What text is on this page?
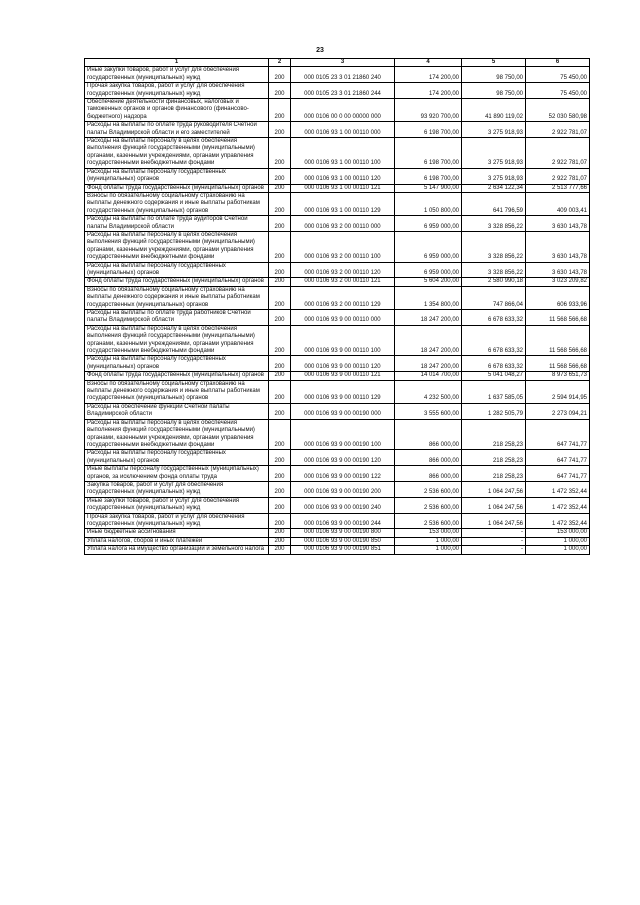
23
1	2	3	4	5	6
Иные закупки товаров, работ и услуг для обеспечения государственных (муниципальных) нужд	200	000 0105 23 3 01 21860 240	174 200,00	98 750,00	75 450,00
Прочая закупка товаров, работ и услуг для обеспечения государственных (муниципальных) нужд	200	000 0105 23 3 01 21860 244	174 200,00	98 750,00	75 450,00
Обеспечение деятельности финансовых, налоговых и таможенных органов и органов финансового (финансово-бюджетного) надзора	200	000 0106 00 0 00 00000 000	93 920 700,00	41 890 119,02	52 030 580,98
Расходы на выплаты по оплате труда руководителя Счетной палаты Владимирской области и его заместителей	200	000 0106 93 1 00 00110 000	6 198 700,00	3 275 918,93	2 922 781,07
Расходы на выплаты персоналу в целях обеспечения выполнения функций государственными (муниципальными) органами, казенными учреждениями, органами управления государственными внебюджетными фондами	200	000 0106 93 1 00 00110 100	6 198 700,00	3 275 918,93	2 922 781,07
Расходы на выплаты персоналу государственных (муниципальных) органов	200	000 0106 93 1 00 00110 120	6 198 700,00	3 275 918,93	2 922 781,07
Фонд оплаты труда государственных (муниципальных) органов	200	000 0106 93 1 00 00110 121	5 147 900,00	2 634 122,34	2 513 777,66
Взносы по обязательному социальному страхованию на выплаты денежного содержания и иные выплаты работникам государственных (муниципальных) органов	200	000 0106 93 1 00 00110 129	1 050 800,00	641 796,59	409 003,41
Расходы на выплаты по оплате труда аудиторов Счетной палаты Владимирской области	200	000 0106 93 2 00 00110 000	6 959 000,00	3 328 856,22	3 630 143,78
Расходы на выплаты персоналу в целях обеспечения выполнения функций государственными (муниципальными) органами, казенными учреждениями, органами управления государственными внебюджетными фондами	200	000 0106 93 2 00 00110 100	6 959 000,00	3 328 856,22	3 630 143,78
Расходы на выплаты персоналу государственных (муниципальных) органов	200	000 0106 93 2 00 00110 120	6 959 000,00	3 328 856,22	3 630 143,78
Фонд оплаты труда государственных (муниципальных) органов	200	000 0106 93 2 00 00110 121	5 604 200,00	2 580 990,18	3 023 209,82
Взносы по обязательному социальному страхованию на выплаты денежного содержания и иные выплаты работникам государственных (муниципальных) органов	200	000 0106 93 2 00 00110 129	1 354 800,00	747 866,04	606 933,96
Расходы на выплаты по оплате труда работников Счетной палаты Владимирской области	200	000 0106 93 9 00 00110 000	18 247 200,00	6 678 633,32	11 568 566,68
Расходы на выплаты персоналу в целях обеспечения выполнения функций государственными (муниципальными) органами, казенными учреждениями, органами управления государственными внебюджетными фондами	200	000 0106 93 9 00 00110 100	18 247 200,00	6 678 633,32	11 568 566,68
Расходы на выплаты персоналу государственных (муниципальных) органов	200	000 0106 93 9 00 00110 120	18 247 200,00	6 678 633,32	11 568 566,68
Фонд оплаты труда государственных (муниципальных) органов	200	000 0106 93 9 00 00110 121	14 014 700,00	5 041 048,27	8 973 651,73
Взносы по обязательному социальному страхованию на выплаты денежного содержания и иные выплаты работникам государственных (муниципальных) органов	200	000 0106 93 9 00 00110 129	4 232 500,00	1 637 585,05	2 594 914,95
Расходы на обеспечение функций Счетной палаты Владимирской области	200	000 0106 93 9 00 00190 000	3 555 600,00	1 282 505,79	2 273 094,21
Расходы на выплаты персоналу в целях обеспечения выполнения функций государственными (муниципальными) органами, казенными учреждениями, органами управления государственными внебюджетными фондами	200	000 0106 93 9 00 00190 100	866 000,00	218 258,23	647 741,77
Расходы на выплаты персоналу государственных (муниципальных) органов	200	000 0106 93 9 00 00190 120	866 000,00	218 258,23	647 741,77
Иные выплаты персоналу государственных (муниципальных) органов, за исключением фонда оплаты труда	200	000 0106 93 9 00 00190 122	866 000,00	218 258,23	647 741,77
Закупка товаров, работ и услуг для обеспечения государственных (муниципальных) нужд	200	000 0106 93 9 00 00190 200	2 536 600,00	1 064 247,56	1 472 352,44
Иные закупки товаров, работ и услуг для обеспечения государственных (муниципальных) нужд	200	000 0106 93 9 00 00190 240	2 536 600,00	1 064 247,56	1 472 352,44
Прочая закупка товаров, работ и услуг для обеспечения государственных (муниципальных) нужд	200	000 0106 93 9 00 00190 244	2 536 600,00	1 064 247,56	1 472 352,44
Иные бюджетные ассигнования	200	000 0106 93 9 00 00190 800	153 000,00	-	153 000,00
Уплата налогов, сборов и иных платежей	200	000 0106 93 9 00 00190 850	1 000,00	-	1 000,00
Уплата налога на имущество организаций и земельного налога	200	000 0106 93 9 00 00190 851	1 000,00	-	1 000,00
